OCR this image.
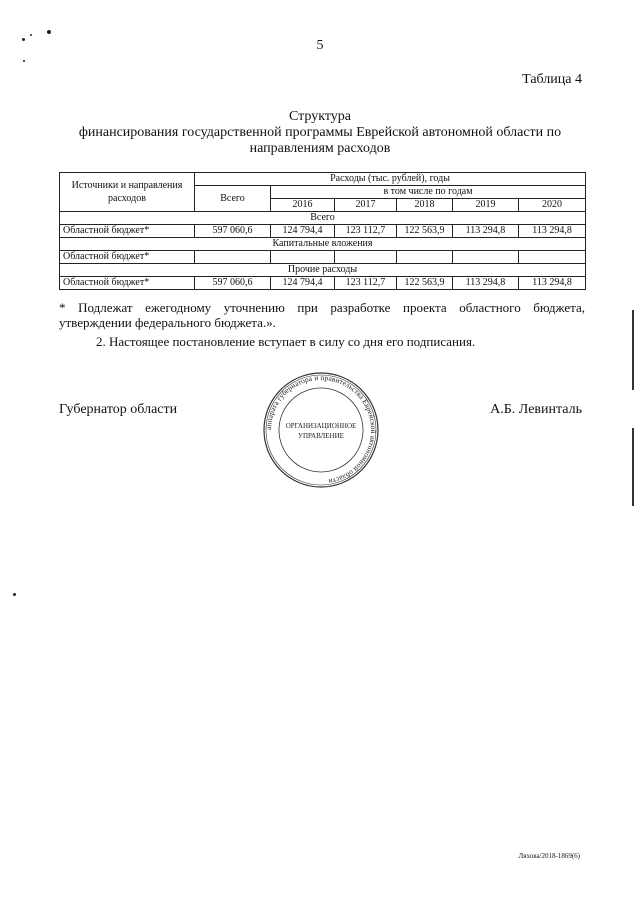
5
Таблица 4
Структура
финансирования государственной программы Еврейской автономной области по
направлениям расходов
Источники и направления расходов	Расходы (тыс. рублей), годы					
	Всего	в том числе по годам				
		2016	2017	2018	2019	2020
Всего						
Областной бюджет*	597 060,6	124 794,4	123 112,7	122 563,9	113 294,8	113 294,8
Капитальные вложения						
Областной бюджет*						
Прочие расходы						
Областной бюджет*	597 060,6	124 794,4	123 112,7	122 563,9	113 294,8	113 294,8
* Подлежат ежегодному уточнению при разработке проекта областного бюджета, утверждении федерального бюджета.».
2. Настоящее постановление вступает в силу со дня его подписания.
Губернатор области	А.Б. Левинталь
аппарата губернатора и правительства Еврейской автономной области
ОРГАНИЗАЦИОННОЕ
УПРАВЛЕНИЕ
Ляхова/2018-1869(6)
